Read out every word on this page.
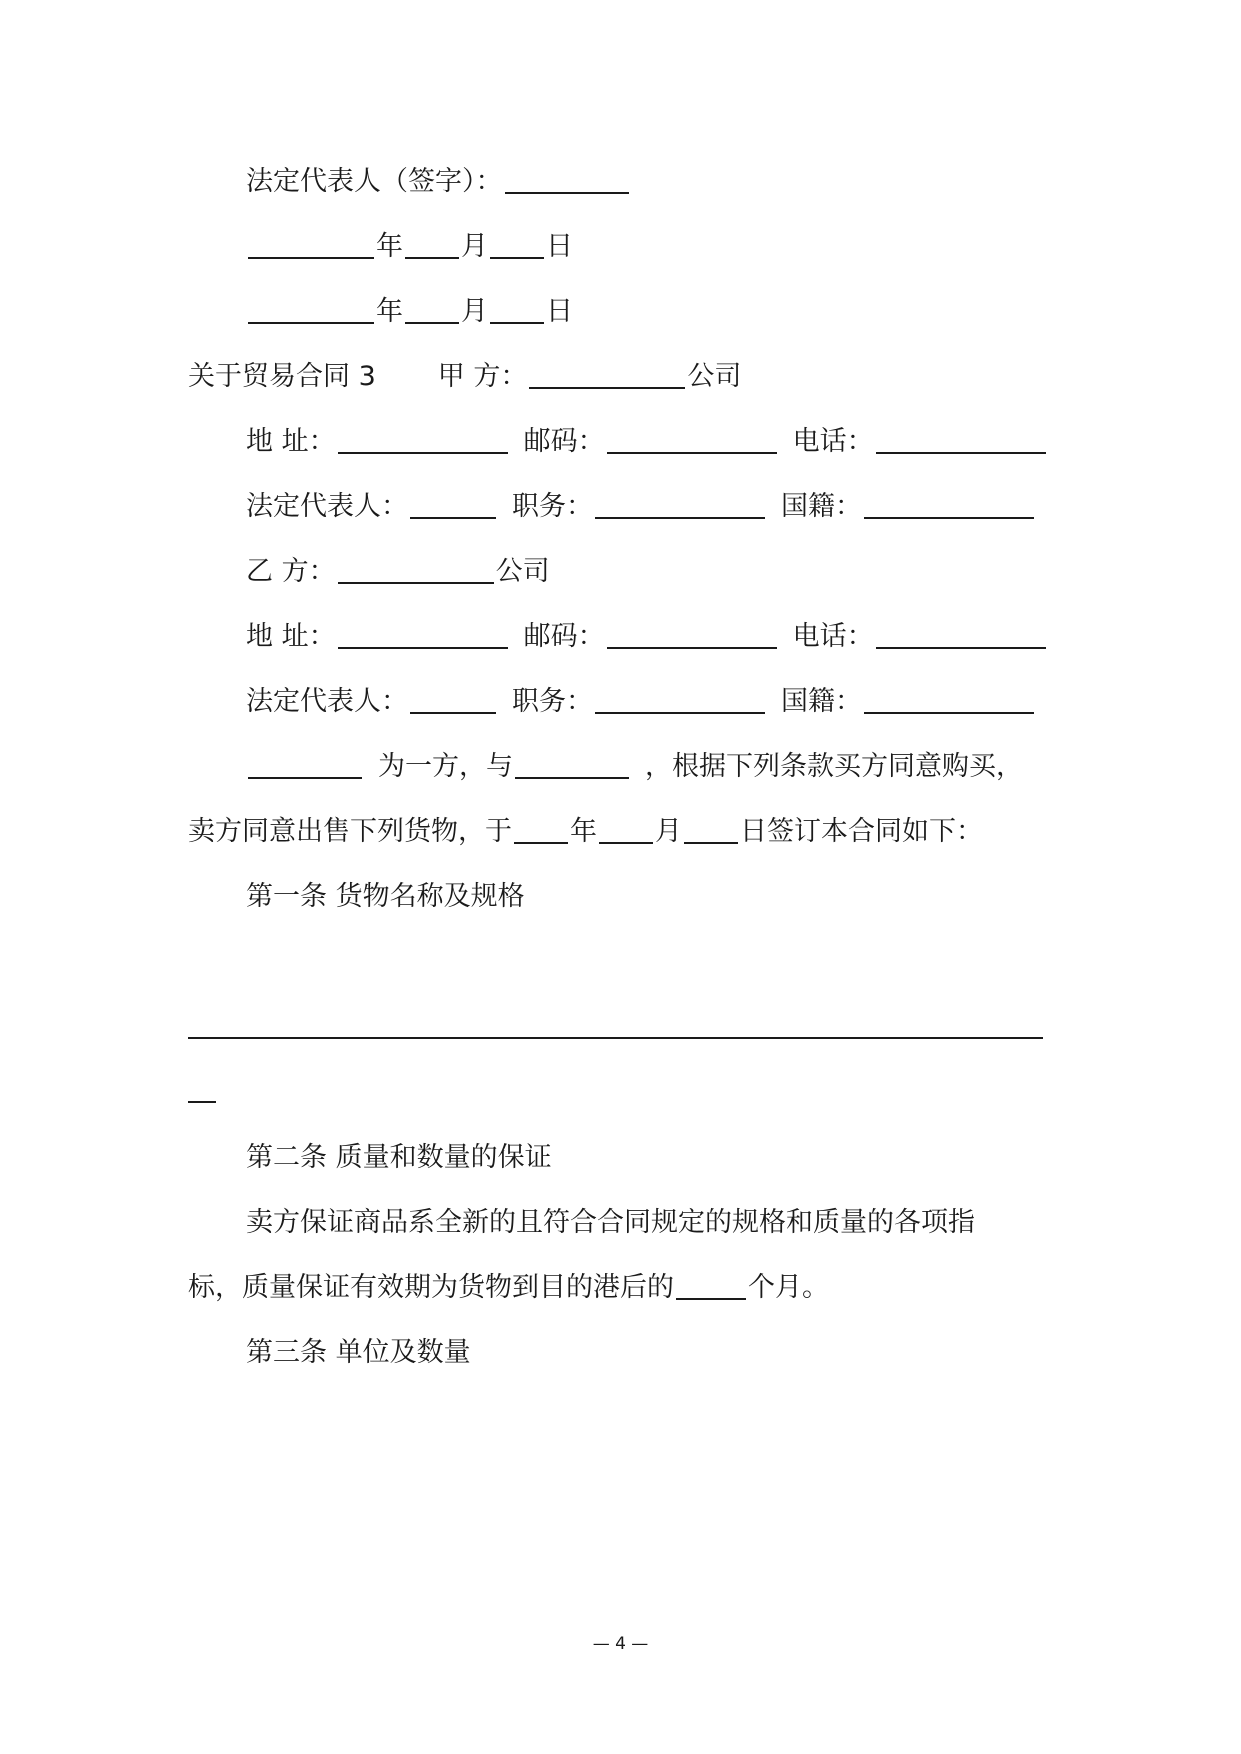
法定代表人（签字）：
年 月 日
年 月 日
关于贸易合同 3 甲 方：	公司
地 址：	邮码：	电话：
法定代表人：	职务：	国籍：
乙 方：	公司
地 址：	邮码：	电话：
法定代表人：	职务：	国籍：
为一方，与	，根据下列条款买方同意购买，
卖方同意出售下列货物，于 年 月 日签订本合同如下：
第一条 货物名称及规格
第二条 质量和数量的保证
卖方保证商品系全新的且符合合同规定的规格和质量的各项指
标，质量保证有效期为货物到目的港后的	个月。
第三条 单位及数量
— 4 —
